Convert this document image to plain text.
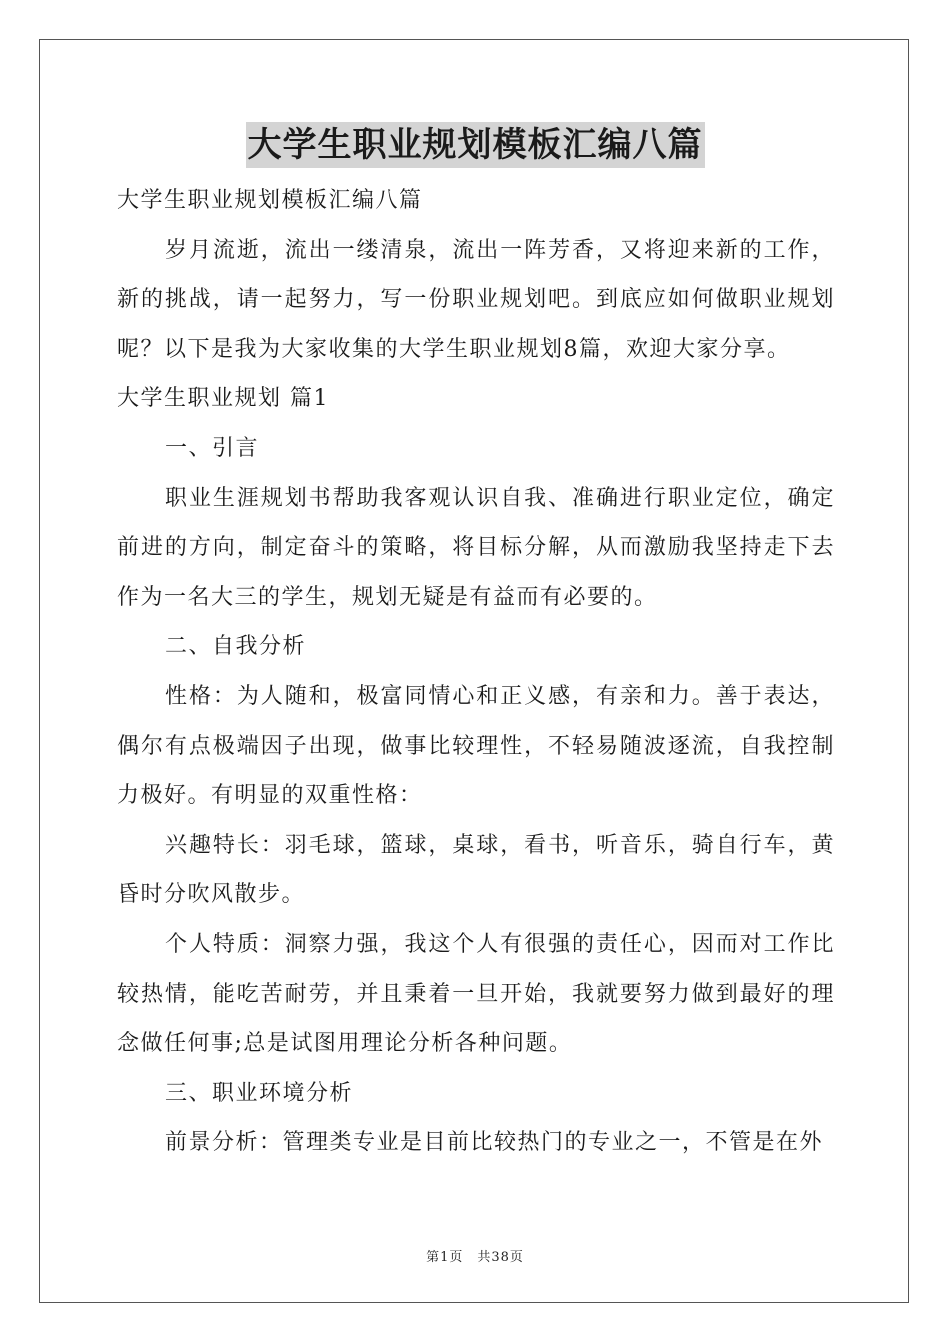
大学生职业规划模板汇编八篇

大学生职业规划模板汇编八篇

岁月流逝，流出一缕清泉，流出一阵芳香，又将迎来新的工作，新的挑战，请一起努力，写一份职业规划吧。到底应如何做职业规划呢？以下是我为大家收集的大学生职业规划8篇，欢迎大家分享。

大学生职业规划 篇1

一、引言

职业生涯规划书帮助我客观认识自我、准确进行职业定位，确定前进的方向，制定奋斗的策略，将目标分解，从而激励我坚持走下去作为一名大三的学生，规划无疑是有益而有必要的。

二、自我分析

性格：为人随和，极富同情心和正义感，有亲和力。善于表达，偶尔有点极端因子出现，做事比较理性，不轻易随波逐流，自我控制力极好。有明显的双重性格：

兴趣特长：羽毛球，篮球，桌球，看书，听音乐，骑自行车，黄昏时分吹风散步。

个人特质：洞察力强，我这个人有很强的责任心，因而对工作比较热情，能吃苦耐劳，并且秉着一旦开始，我就要努力做到最好的理念做任何事;总是试图用理论分析各种问题。

三、职业环境分析

前景分析：管理类专业是目前比较热门的专业之一，不管是在外

第1页 共38页
